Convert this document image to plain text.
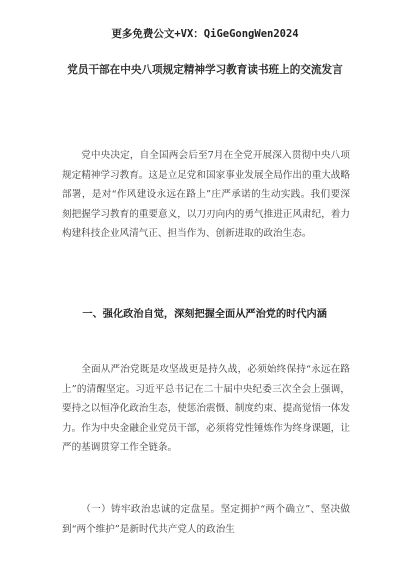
更多免费公文+VX：QiGeGongWen2024
党员干部在中央八项规定精神学习教育读书班上的交流发言

党中央决定，自全国两会后至7月在全党开展深入贯彻中央八项规定精神学习教育。这是立足党和国家事业发展全局作出的重大战略部署，是对“作风建设永远在路上”庄严承诺的生动实践。我们要深刻把握学习教育的重要意义，以刀刃向内的勇气推进正风肃纪，着力构建科技企业风清气正、担当作为、创新进取的政治生态。

一、强化政治自觉，深刻把握全面从严治党的时代内涵

全面从严治党既是攻坚战更是持久战，必须始终保持“永远在路上”的清醒坚定。习近平总书记在二十届中央纪委三次全会上强调，要持之以恒净化政治生态，使惩治震慑、制度约束、提高觉悟一体发力。作为中央金融企业党员干部，必须将党性锤炼作为终身课题，让严的基调贯穿工作全链条。

（一）铸牢政治忠诚的定盘星。坚定拥护“两个确立”、坚决做到“两个维护”是新时代共产党人的政治生
